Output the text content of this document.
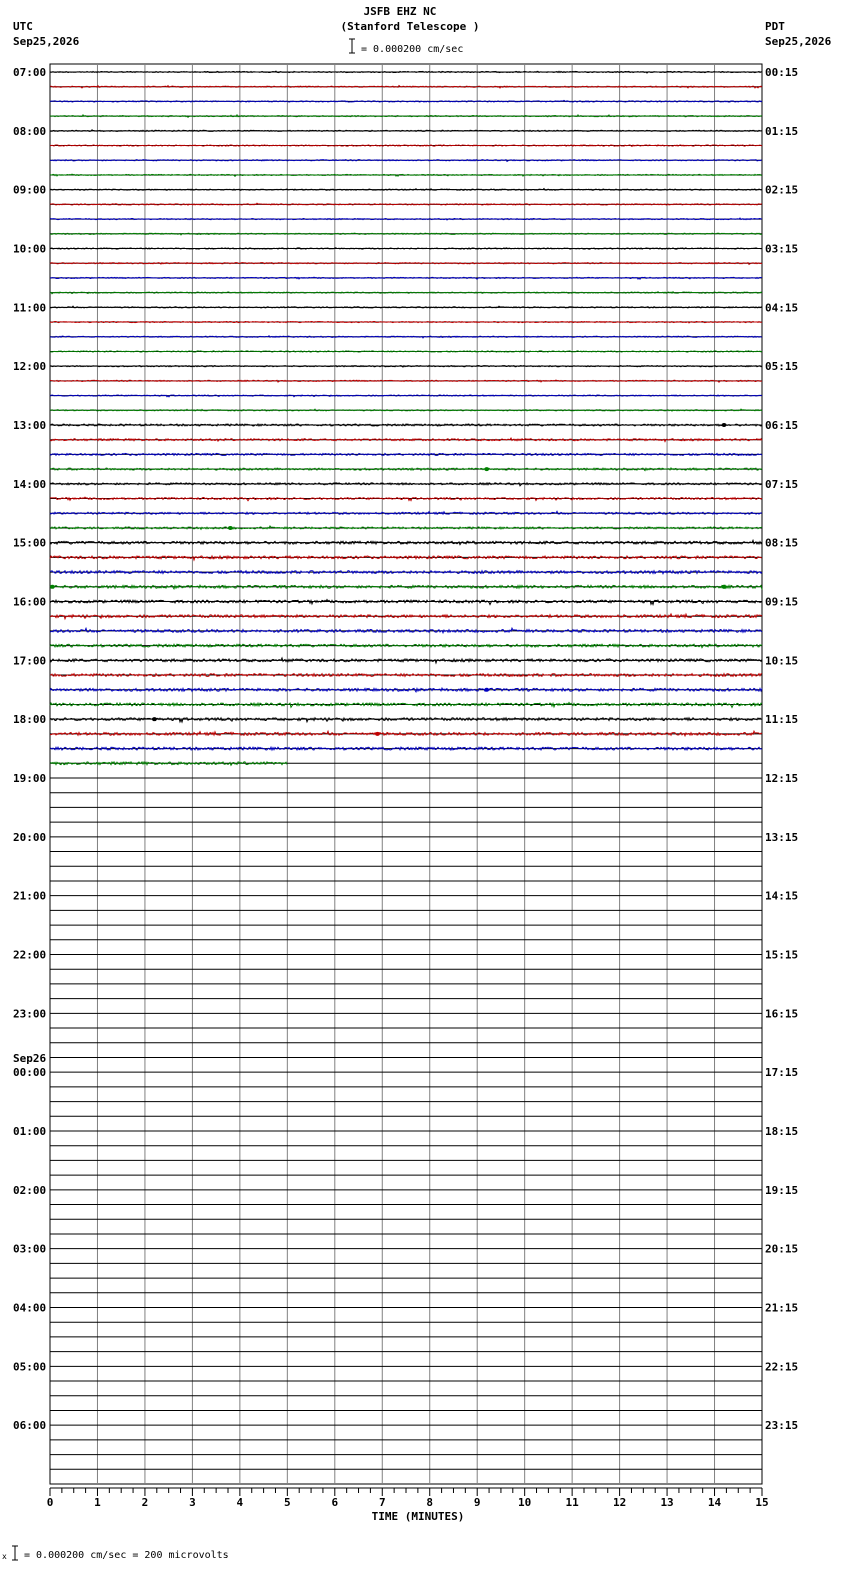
JSFB EHZ NC
(Stanford Telescope )
UTC
Sep25,2026
PDT
Sep25,2026
= 0.000200 cm/sec
07:00
08:00
09:00
10:00
11:00
12:00
13:00
14:00
15:00
16:00
17:00
18:00
19:00
20:00
21:00
22:00
23:00
00:00
01:00
02:00
03:00
04:00
05:00
06:00
Sep26
00:15
01:15
02:15
03:15
04:15
05:15
06:15
07:15
08:15
09:15
10:15
11:15
12:15
13:15
14:15
15:15
16:15
17:15
18:15
19:15
20:15
21:15
22:15
23:15
0	1	2	3	4	5	6	7	8	9	10	11	12	13	14	15
TIME (MINUTES)
x = 0.000200 cm/sec = 200 microvolts
